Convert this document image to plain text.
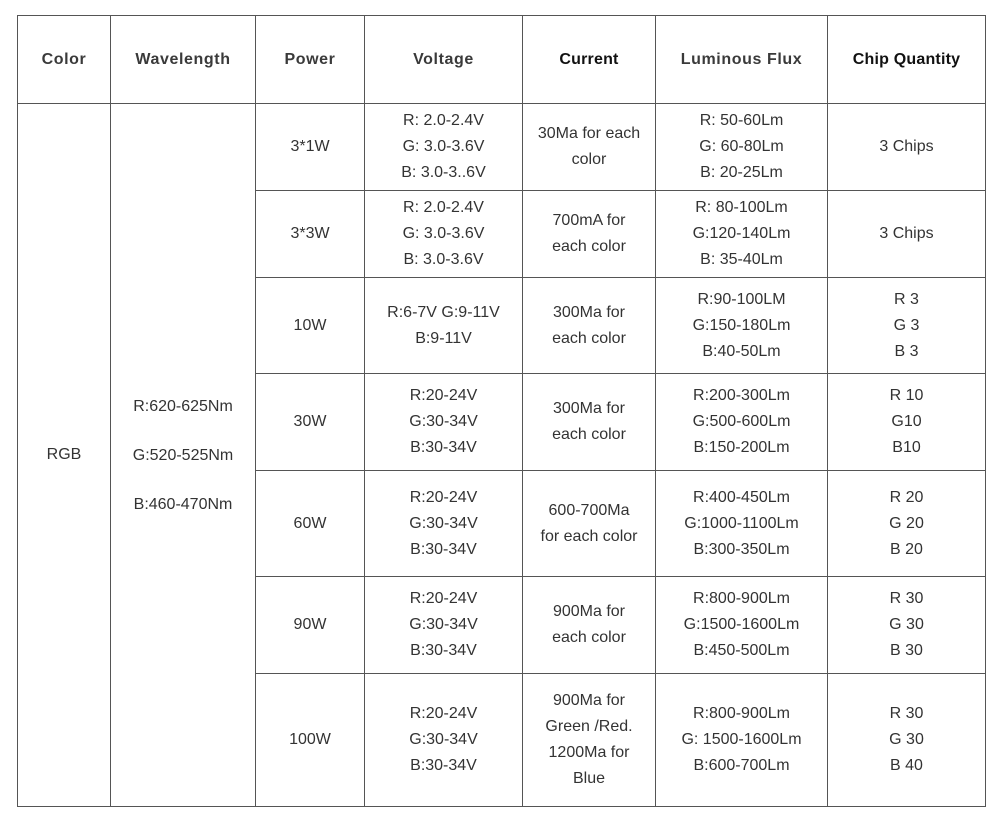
Color	Wavelength	Power	Voltage	Current	Luminous Flux	Chip Quantity
RGB	R:620-625Nm
G:520-525Nm
B:460-470Nm	3*1W	R: 2.0-2.4V
G: 3.0-3.6V
B: 3.0-3..6V	30Ma for each
color	R: 50-60Lm
G: 60-80Lm
B: 20-25Lm	3 Chips

		3*3W	R: 2.0-2.4V
G: 3.0-3.6V
B: 3.0-3.6V	700mA for
each color	R: 80-100Lm
G:120-140Lm
B: 35-40Lm	3 Chips

		10W	R:6-7V G:9-11V
B:9-11V	300Ma for
each color	R:90-100LM
G:150-180Lm
B:40-50Lm	R 3
G 3
B 3

		30W	R:20-24V
G:30-34V
B:30-34V	300Ma for
each color	R:200-300Lm
G:500-600Lm
B:150-200Lm	R 10
G10
B10

		60W	R:20-24V
G:30-34V
B:30-34V	600-700Ma
for each color	R:400-450Lm
G:1000-1100Lm
B:300-350Lm	R 20
G 20
B 20

		90W	R:20-24V
G:30-34V
B:30-34V	900Ma for
each color	R:800-900Lm
G:1500-1600Lm
B:450-500Lm	R 30
G 30
B 30

		100W	R:20-24V
G:30-34V
B:30-34V	900Ma for
Green /Red.
1200Ma for
Blue	R:800-900Lm
G: 1500-1600Lm
B:600-700Lm	R 30
G 30
B 40
